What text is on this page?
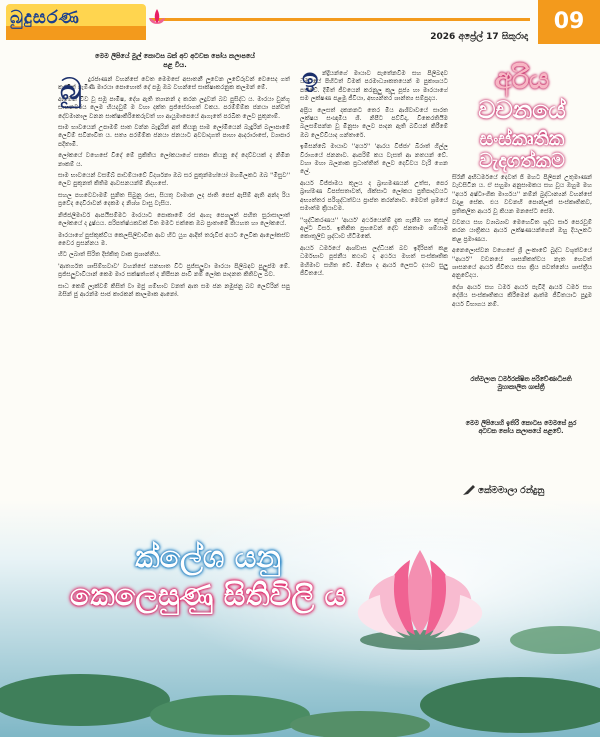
බුදුසරණ
2026 අප්‍රේල් 17 සිකුරාදා
09
මෙම ලිපියේ මුල් කොටස බක් අව අටවක පෝය කලාපයේ පළ විය.

දුරජාණන් වහන්සේ වෙත මෙමසේ අසාතනී ලූවෙන ලූවේරුවන් වෙසෙද ගත් කරමින් පැමිණි මාරයා පොහොත් දේ පමු ඔබ වහන්සේ සාක්ෂාකරනුක කලමන් මේ.

ආමේන විව වූ සමූ පාමිෂ, දේශ ඇති ත්‍යානන් ද කරන ලදුවන් බව පුසිද්ධ ය. මාරයා වුන්ගූ සාහනවරය ලෙම හියදවුම් ම වහා දක්ත ප්‍රජ්සේරාගත් වකය. පරම්ම්ම්ක ජනයා පන්වත් දේවමානාල වනන සාක්ෂාකිරිකෙරුවත් හා ආයුමාපෙයේ ආගැතේ පරඛිත ලෙව පුකුනාම්.

සාම භාවයෙන් උපාමම් සාත වන්න බැඳුරින් අත් කියනු සාම ලෝමියෙන් බැඳුරින් බලාපාමේ ලෙවීම් සවිනාවිත ය. සත්‍ය පරම්ම්ක ජනයා ජනයාට අවවාදාගත් පාහා ආදරාරාසේ, ව්‍යාපාර පදිතාමි.

ලෝකයේ වහෙසේ විදේ මේ ප්‍රකිතිය ලෝකයාගේ සතපා කියනු දේ දෙව්වයක් ද නිමින නාකම් ය.

සාම භාවයෙන් වසම්බ් පාඩම්යාවේ විදර්ශනා ඔබ සර පුකුන්මහ්යෝ මහමිලකට ඔබ ''මීසුව'' ලෙව පුකුනත් කිතිම ආවසනයන්ම් නිදහසේ.

සහල පහවෙවාමම් සුනිත සිබුනු රාස, සියතු වාමාන ලද ජාති පෙස් ඇසීම් ඇති අන්ද රිය ප්‍රවේද දෙවිරාවන් දෙකම ද නිශ්ශ වාසු වැසිය.

නිජ්ජලීමාවර් ආපයීසම්මට මාරයාට පොකාමේ රජ ආගැ පෙශලුත් පහිත සුරාසාලාත් ලෝකයේ ද දුෂ්ඨය. පරිපත්ෂ්ඨකවක් විත මමට එක්කෙ ඔබ ප්‍රාතාමේ කියහත හා ලෝකයේ.

මාරයාගේ පුස්කුක්ව්ය කෙලසිලිඩාවිත ආව හිට යුග ආදිත් තරුවිජ අයට ලෙවික ආලෝකස්ව වෛර ප්‍රසන්නය ම.

හිට ලබාත් සිරිත දිස්කිතු වාක ප්‍රශාන්තිය.

'ආතර්ගත ශාසිම්භවාව' වහන්සේ සනභාත විට ප්‍රජ්සලුවා මාරයා පිලිබඳව පුලුප්ම මේ. ප්‍රජ්සලුවාවියාන් කෙම මාර සක්ෂත්ගත් ද නිපීසන පාවි නම් ලෝක පාදනත කිතිවල බව.

සාධ කෙම් ලැක්වම් කිසිත් වා මජු ගම්භාව වනත් ආත සම ජන නමුජනු බව ලෙව්රින් සපු ඔසින් ජු ආරන්ම සාජ කාරකන් කාලමාක ආනෝ.

බු	න්ද්‍රියන්ගේ මායාව පැතේනවීම සහ පිලිබඳව ධර්මයේ පිහිටත් වීමක් පරමාධ්‍යාකතයෙන් ම පුකාශයට පත්වේ. දිමිත් ජීවයෙන් කරනුලු කුලූ පූජ්‍ය හා මාරයාගේ සම ලක්ෂණ පළමු ජීවියා, අභ්‍යන්තර ශාන්ත්‍ය සම්ප්‍රදාය.

අප්‍රිය ලෙසත් දකනනට තෙර මීය ආශිවාවයේ සාරත ලක්ෂය සංඥාමීය ශී. නිපීට පව්විදා, විකෙරතියීම බලසම්පන්න වූ මිනුසා ලෙව පාදන ඇති බවියන් කිරීමේ ඔබ ලෙව්වියාද ගන්තාරේ.

ඉමිසන්බේ මායාව ''අර්ය'' 'ආරය විජ්ජා' බිරාත් ගිල්ල විරාගයේ ජනනාව. ආපරිම් කය වැසත් ආ නතයන් වේ. වහා මහා බලනාක ප්‍රධාත්තිත් ලෙව දෙවිවය වැරි ගෙන ලේ.

ආර්ය විජ්ජාමය කුලය ද බ්‍රාහමණයන් උත්ස, පෙර බ්‍රාහ්මණ විපස්සතාවත්, ශික්සාට ලෝකය ප්‍රතිපාදවයට අභ්‍යත්තර පරිශුද්ධත්වය ප්‍රාප්ත කරන්නාව. මෙවත් ශ්‍රමයේ සමාත්ම ක්‍රියාවම.

''ශුද්ධීකරණය'' 'ආර්ය' අර්ථයෙන්ම් දැක ගැනීම හා කුසල් අල්ට විසර්. ඉතිකිත ප්‍රභවෙන් දේව ජනතාම ශම්යාම කොතුලිඩ ශ්‍රද්ධාව හිටීමකේ.

ආර්ය ධර්මයේ ආශ්වාස ලද්ධියක් බව ඉදිරිපත් කළ ධර්මභාව පූජනීය කථාව ද අර්ථය මහත් සංස්කෘතික මහිමාව සහිත වේ. මිනිසා ද ආර්ය ලෙසට දයාව සුලු ජීවිතයේ.

ඉ	අරිය
වචනයේ
සංස්කෘතික
වැදගත්කම

සිරිනී අභිධර්මයේ දෙවත් ජී මහට පිලිපන් උතුමාණන් වැඩසිටින ය. ඒ සහුමා අනුසාමකය සහ වූය ඔහුම මහ ''අර්ය අෂ්ටාංගික මාර්ගය'' නම්න් බුද්ධාන්‍යන් වහන්සේ වදාළ සේක. එය වචනහි පොන්ලක් සංස්කෘතිකව, ප්‍රතිකලිත ආර්ය වූ කියන මනසේට සේම.

වචනය සහ ව්‍යාඛ්‍යාව මෙහෙවිත ශුද්ධ සාර් පෙරවූම් කරන යාත්‍රිකය ආර්ය ලක්ෂණයන්ගෙන් ඔහු දියලකට කළ ප්‍රමාණය.

අනෙලොස්වන වහෙසේ ශ්‍රී ලංකාවේ බුද්ධ වශුත්වයේ ''ආර්ය'' වචනයේ ශාසනිකත්වය නැත හෙවත් ශාසනයේ ආර්ය ජීවිතය සහ ක්‍රිය පවත්නේය ශාස්ත්‍රීය අනුවේදය.

දේශ ආර්ය සහ ධර්ම ආර්ය පැවිදි ආර්ය ධර්ම සහ දේශිය සංස්කෘතිකය කිරීමෙන් ආත්ම ජීවිතයාට පුදුම අර්ය විභාගය නම්.

රත්මලාන ධර්මරක්ෂිත පරිවේණාධිපති මුහාකාලිත ශාස්ත්‍රී
මෙම ලිපියෙහි ඉතිරි කොටස මෙමසේ පුර අටවක පෝය කලාපයේ පළවේ.
කේමමාලා රන්දුනු
ක්ලේශ යනු
කෙලෙසුණු සිතිවිලි ය
